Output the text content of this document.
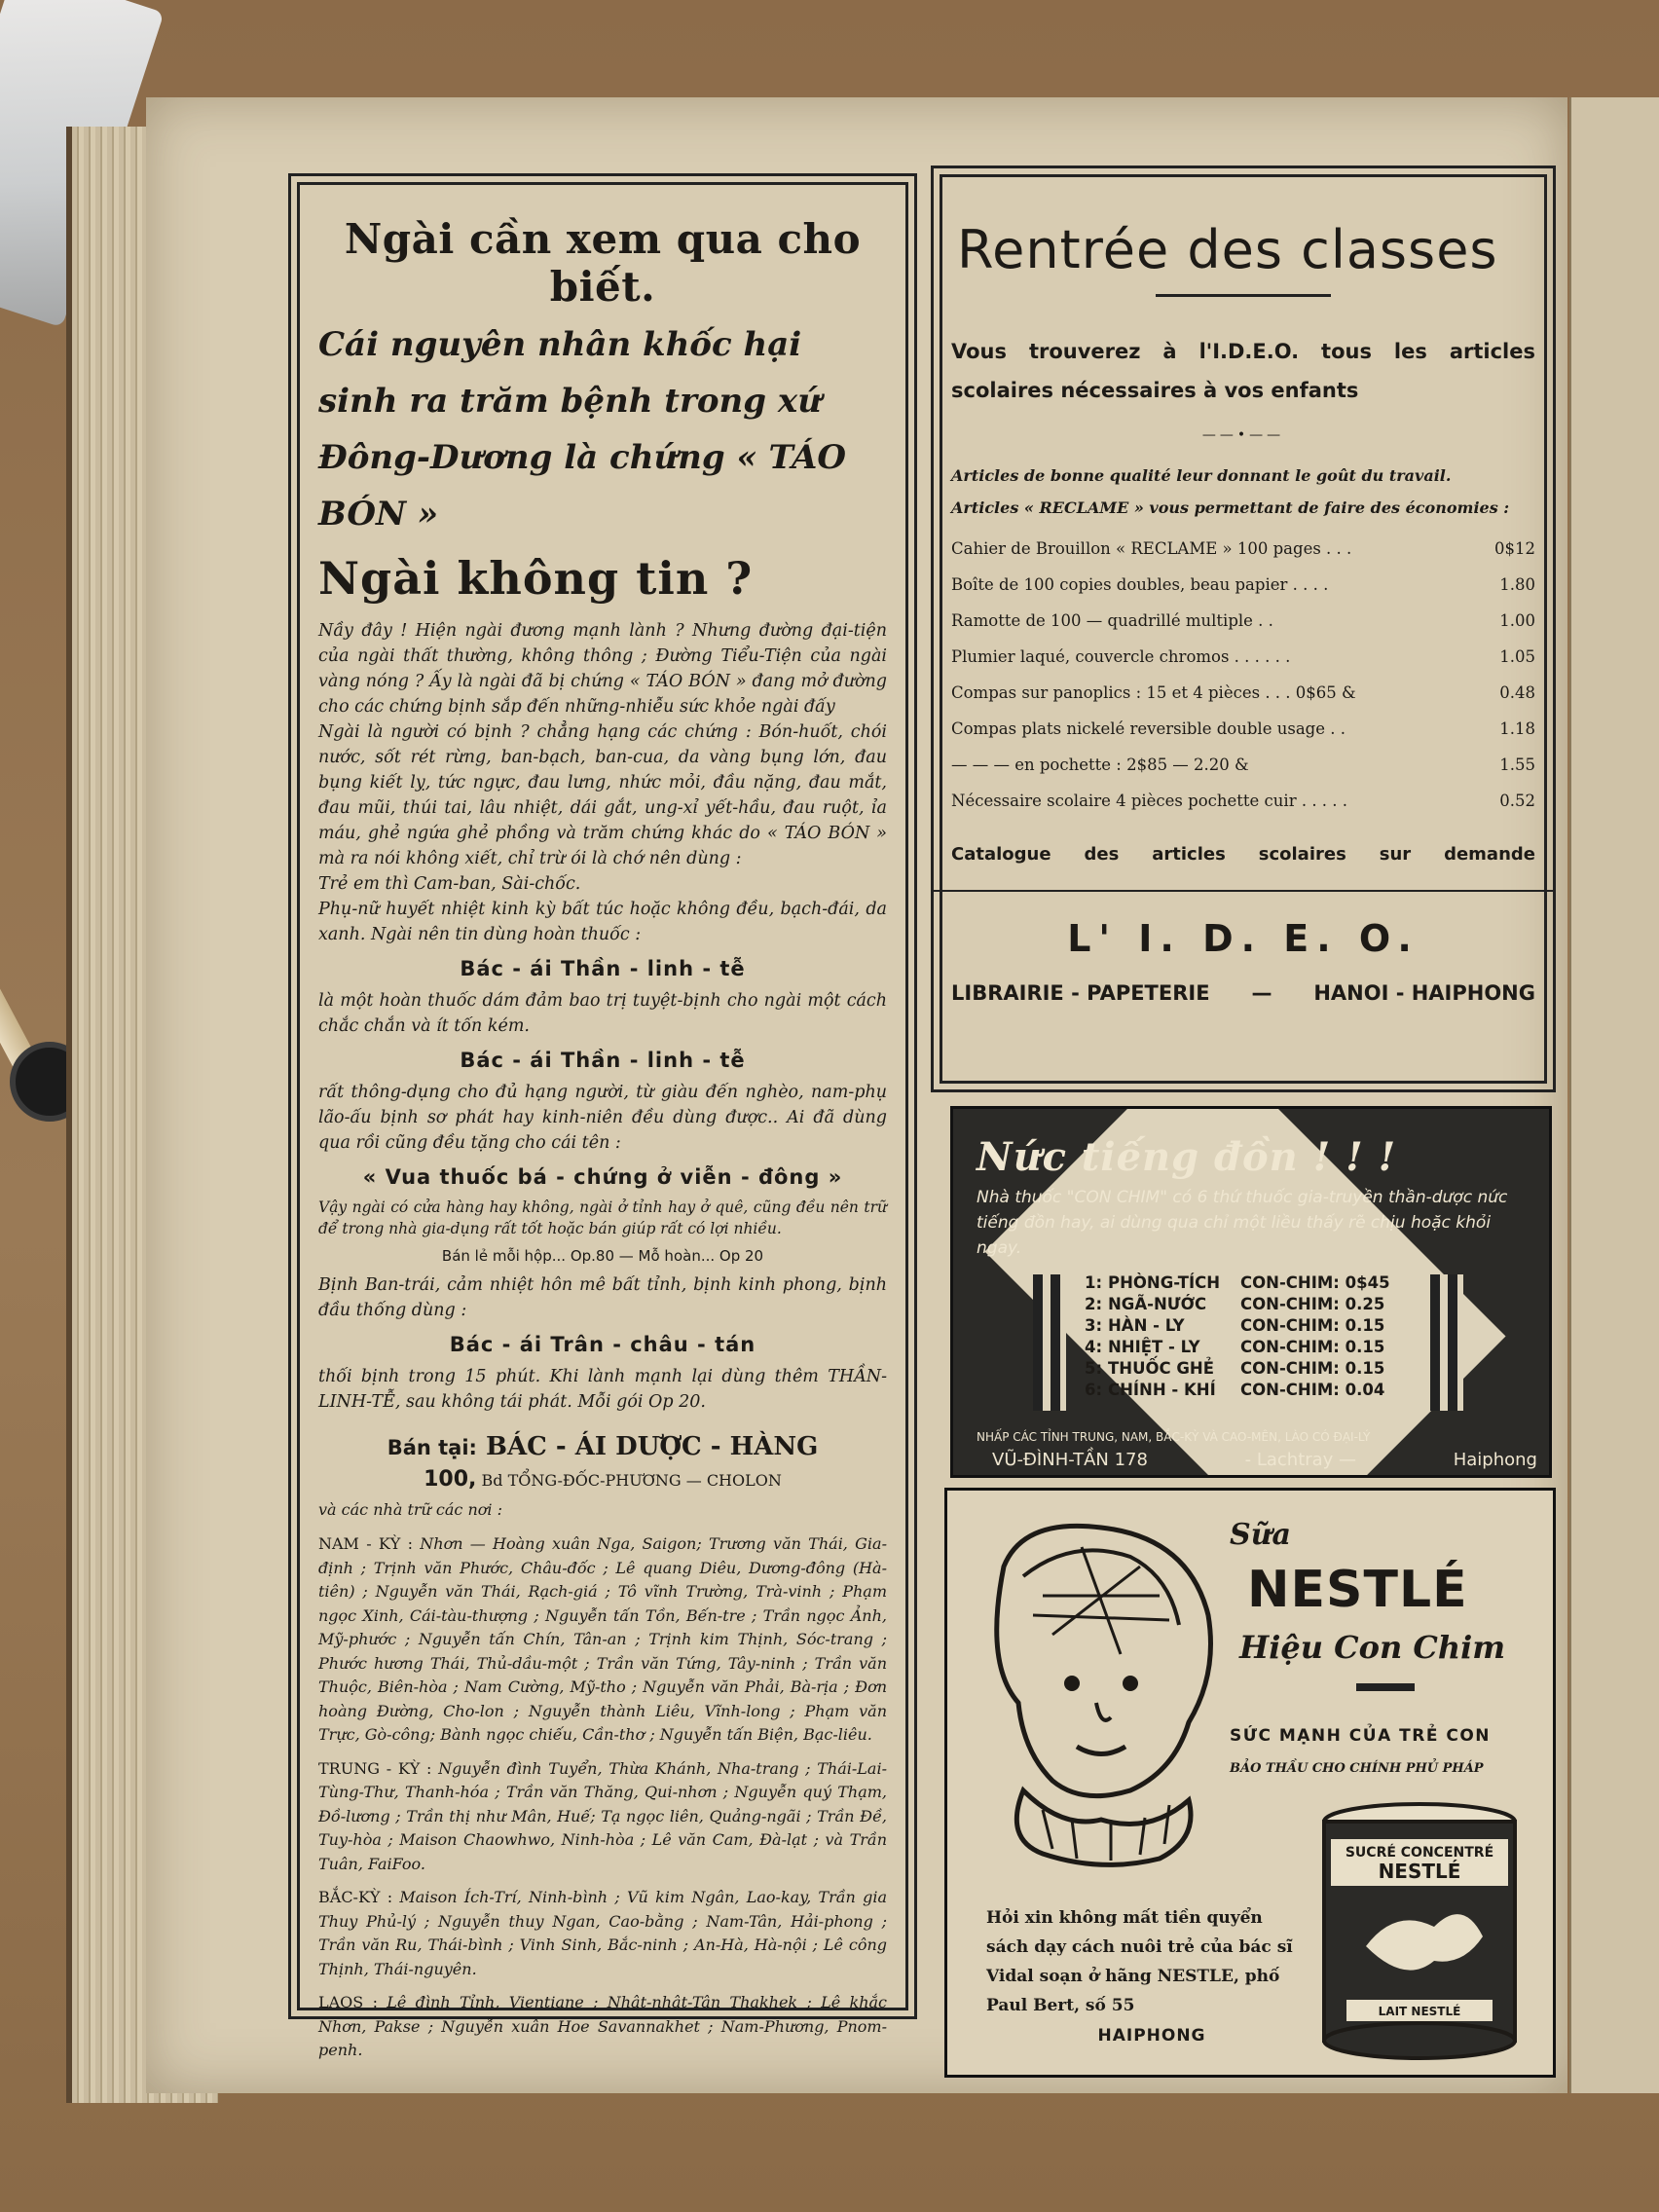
Ngài cần xem qua cho biết.
Cái nguyên nhân khốc hại sinh ra trăm bệnh trong xứ Đông-Dương là chứng « TÁO BÓN »
Ngài không tin ?

Nầy đây ! Hiện ngài đương mạnh lành ? Nhưng đường đại-tiện của ngài thất thường, không thông ; Đường Tiểu-Tiện của ngài vàng nóng ? Ấy là ngài đã bị chứng « TÁO BÓN » đang mở đường cho các chứng bịnh sắp đến những-nhiễu sức khỏe ngài đấy

Ngài là người có bịnh ? chẳng hạng các chứng : Bón-huốt, chói nước, sốt rét rừng, ban-bạch, ban-cua, da vàng bụng lớn, đau bụng kiết lỵ, tức ngực, đau lưng, nhức mỏi, đầu nặng, đau mắt, đau mũi, thúi tai, lâu nhiệt, dái gắt, ung-xỉ yết-hầu, đau ruột, ỉa máu, ghẻ ngứa ghẻ phồng và trăm chứng khác do « TÁO BÓN » mà ra nói không xiết, chỉ trừ ói là chớ nên dùng :

Trẻ em thì Cam-ban, Sài-chốc.

Phụ-nữ huyết nhiệt kinh kỳ bất túc hoặc không đều, bạch-đái, da xanh. Ngài nên tin dùng hoàn thuốc :

Bác - ái Thần - linh - tễ

là một hoàn thuốc dám đảm bao trị tuyệt-bịnh cho ngài một cách chắc chắn và ít tốn kém.

Bác - ái Thần - linh - tễ

rất thông-dụng cho đủ hạng người, từ giàu đến nghèo, nam-phụ lão-ấu bịnh sơ phát hay kinh-niên đều dùng được.. Ai đã dùng qua rồi cũng đều tặng cho cái tên :

« Vua thuốc bá - chứng ở viễn - đông »

Vậy ngài có cửa hàng hay không, ngài ở tỉnh hay ở quê, cũng đều nên trữ để trong nhà gia-dụng rất tốt hoặc bán giúp rất có lợi nhiều.

Bán lẻ mỗi hộp... Op.80 — Mỗ hoàn... Op 20

Bịnh Ban-trái, cảm nhiệt hôn mê bất tỉnh, bịnh kinh phong, bịnh đầu thống dùng :

Bác - ái Trân - châu - tán

thối bịnh trong 15 phút. Khi lành mạnh lại dùng thêm THẦN-LINH-TỄ, sau không tái phát. Mỗi gói Op 20.

Bán tại: BÁC - ÁI DƯỢC - HÀNG
100, Bd TỔNG-ĐỐC-PHƯƠNG — CHOLON

và các nhà trữ các nơi :

NAM - KỲ : Nhơn — Hoàng xuân Nga, Saigon; Trương văn Thái, Gia-định ; Trịnh văn Phước, Châu-đốc ; Lê quang Diêu, Dương-đông (Hà-tiên) ; Nguyễn văn Thái, Rạch-giá ; Tô vĩnh Trường, Trà-vinh ; Phạm ngọc Xinh, Cái-tàu-thượng ; Nguyễn tấn Tồn, Bến-tre ; Trần ngọc Ảnh, Mỹ-phước ; Nguyễn tấn Chín, Tân-an ; Trịnh kim Thịnh, Sóc-trang ; Phước hương Thái, Thủ-dầu-một ; Trần văn Tứng, Tây-ninh ; Trần văn Thuộc, Biên-hòa ; Nam Cường, Mỹ-tho ; Nguyễn văn Phải, Bà-rịa ; Đơn hoàng Đường, Cho-lon ; Nguyễn thành Liêu, Vĩnh-long ; Phạm văn Trực, Gò-công; Bành ngọc chiếu, Cần-thơ ; Nguyễn tấn Biện, Bạc-liêu.

TRUNG - KỲ : Nguyễn đình Tuyển, Thừa Khánh, Nha-trang ; Thái-Lai-Tùng-Thư, Thanh-hóa ; Trần văn Thăng, Qui-nhơn ; Nguyễn quý Thạm, Đồ-lương ; Trần thị như Mân, Huế; Tạ ngọc liên, Quảng-ngãi ; Trần Đề, Tuy-hòa ; Maison Chaowhwo, Ninh-hòa ; Lê văn Cam, Đà-lạt ; và Trần Tuân, FaiFoo.

BẮC-KỲ : Maison Ích-Trí, Ninh-bình ; Vũ kim Ngân, Lao-kay, Trần gia Thuy Phủ-lý ; Nguyễn thuy Ngan, Cao-bằng ; Nam-Tân, Hải-phong ; Trần văn Ru, Thái-bình ; Vinh Sinh, Bắc-ninh ; An-Hà, Hà-nội ; Lê công Thịnh, Thái-nguyên.

LAOS : Lê đình Tỉnh, Vientiane ; Nhật-nhật-Tân Thakhek ; Lê khắc Nhơn, Pakse ; Nguyễn xuân Hoe Savannakhet ; Nam-Phương, Pnom-penh.

Rentrée des classes
Vous trouverez à l'I.D.E.O. tous les articles scolaires nécessaires à vos enfants
——•——
Articles de bonne qualité leur donnant le goût du travail.
Articles « RECLAME » vous permettant de faire des économies :
Cahier de Brouillon « RECLAME » 100 pages . . .	0$12
Boîte de 100 copies doubles, beau papier . . . .	1.80
Ramotte de 100 — quadrillé multiple . .	1.00
Plumier laqué, couvercle chromos . . . . . .	1.05
Compas sur panoplics : 15 et 4 pièces . . . 0$65 &	0.48
Compas plats nickelé reversible double usage . .	1.18
— — — en pochette : 2$85 — 2.20 &	1.55
Nécessaire scolaire 4 pièces pochette cuir . . . . .	0.52
Catalogue des articles scolaires sur demande
L' I. D. E. O.
LIBRAIRIE - PAPETERIE — HANOI - HAIPHONG
Nức tiếng đồn ! ! !
Nhà thuốc "CON CHIM" có 6 thứ thuốc gia-truyền thần-dược nức tiếng đồn hay, ai dùng qua chỉ một liều thấy rẽ chịu hoặc khỏi ngay.
1: PHÒNG-TÍCH	CON-CHIM : 0$45
2: NGÃ-NƯỚC	CON-CHIM : 0.25
3: HÀN - LY	CON-CHIM : 0.15
4: NHIỆT - LY	CON-CHIM : 0.15
5: THUỐC GHẺ	CON-CHIM : 0.15
6: CHÍNH - KHÍ	CON-CHIM : 0.04
NHẤP CÁC TỈNH TRUNG, NAM, BẮC-KỲ VÀ CAO-MÊN, LÀO CÓ ĐẠI-LÝ
VŨ-ĐÌNH-TẦN 178	- Lachtray —	Haiphong
Sữa
NESTLÉ
Hiệu Con Chim
SỨC MẠNH CỦA TRẺ CON
BẢO THẦU CHO CHÍNH PHỦ PHÁP
Hỏi xin không mất tiền quyển sách dạy cách nuôi trẻ của bác sĩ Vidal soạn ở hãng NESTLE, phố Paul Bert, số 55
HAIPHONG
SUCRÉ CONCENTRÉ
NESTLÉ
LAIT NESTLÉ
